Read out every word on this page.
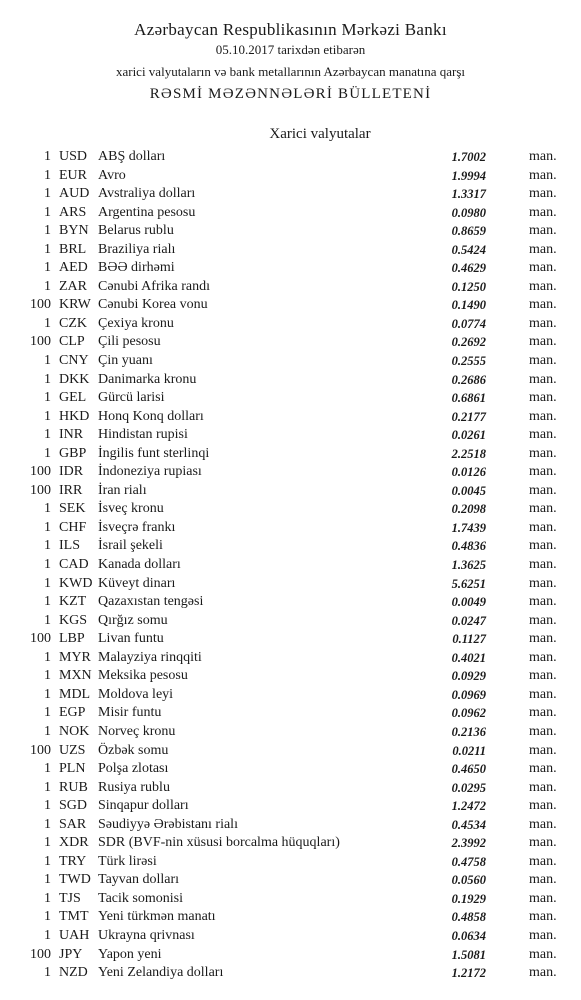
Azərbaycan Respublikasının Mərkəzi Bankı
05.10.2017 tarixdən etibarən
xarici valyutaların və bank metallarının Azərbaycan manatına qarşı
RƏSMİ MƏZƏNNƏLƏRİ BÜLLETENİ
Xarici valyutalar
1 USD ABŞ dolları	1.7002	man.
1 EUR Avro	1.9994	man.
1 AUD Avstraliya dolları	1.3317	man.
1 ARS Argentina pesosu	0.0980	man.
1 BYN Belarus rublu	0.8659	man.
1 BRL Braziliya rialı	0.5424	man.
1 AED BƏƏ dirhəmi	0.4629	man.
1 ZAR Cənubi Afrika randı	0.1250	man.
100 KRW Cənubi Korea vonu	0.1490	man.
1 CZK Çexiya kronu	0.0774	man.
100 CLP Çili pesosu	0.2692	man.
1 CNY Çin yuanı	0.2555	man.
1 DKK Danimarka kronu	0.2686	man.
1 GEL Gürcü larisi	0.6861	man.
1 HKD Honq Konq dolları	0.2177	man.
1 INR Hindistan rupisi	0.0261	man.
1 GBP İngilis funt sterlinqi	2.2518	man.
100 IDR İndoneziya rupiası	0.0126	man.
100 IRR İran rialı	0.0045	man.
1 SEK İsveç kronu	0.2098	man.
1 CHF İsveçrə frankı	1.7439	man.
1 ILS İsrail şekeli	0.4836	man.
1 CAD Kanada dolları	1.3625	man.
1 KWD Küveyt dinarı	5.6251	man.
1 KZT Qazaxıstan tengəsi	0.0049	man.
1 KGS Qırğız somu	0.0247	man.
100 LBP Livan funtu	0.1127	man.
1 MYR Malayziya rinqqiti	0.4021	man.
1 MXN Meksika pesosu	0.0929	man.
1 MDL Moldova leyi	0.0969	man.
1 EGP Misir funtu	0.0962	man.
1 NOK Norveç kronu	0.2136	man.
100 UZS Özbək somu	0.0211	man.
1 PLN Polşa zlotası	0.4650	man.
1 RUB Rusiya rublu	0.0295	man.
1 SGD Sinqapur dolları	1.2472	man.
1 SAR Səudiyyə Ərəbistanı rialı	0.4534	man.
1 XDR SDR (BVF-nin xüsusi borcalma hüquqları)	2.3992	man.
1 TRY Türk lirəsi	0.4758	man.
1 TWD Tayvan dolları	0.0560	man.
1 TJS Tacik somonisi	0.1929	man.
1 TMT Yeni türkmən manatı	0.4858	man.
1 UAH Ukrayna qrivnası	0.0634	man.
100 JPY Yapon yeni	1.5081	man.
1 NZD Yeni Zelandiya dolları	1.2172	man.
